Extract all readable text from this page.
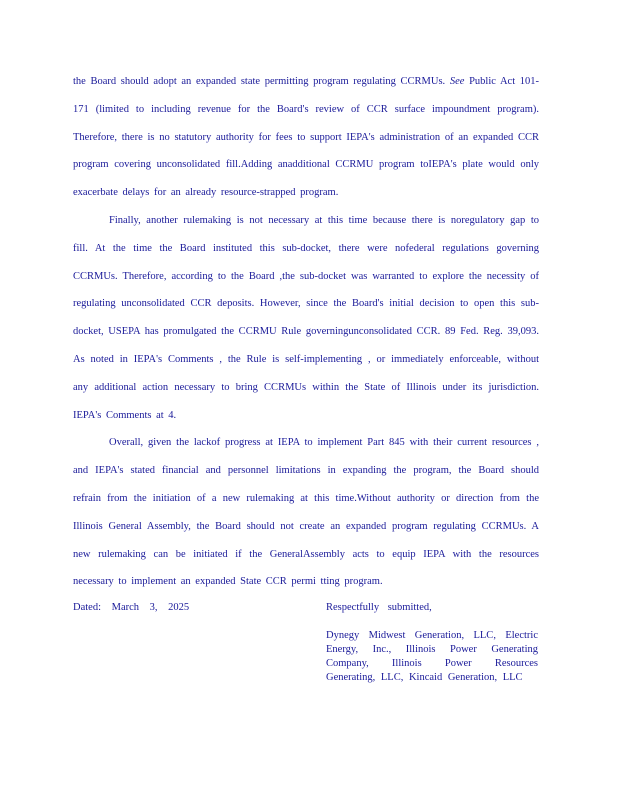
the Board should adopt an expanded state permitting program regulating CCRMUs. See Public Act 101-171 (limited to including revenue for the Board's review of CCR surface impoundment program). Therefore, there is no statutory authority for fees to support IEPA's administration of an expanded CCR program covering unconsolidated fill.Adding anadditional CCRMU program toIEPA's plate would only exacerbate delays for an already resource-strapped program.

Finally, another rulemaking is not necessary at this time because there is noregulatory gap to fill. At the time the Board instituted this sub-docket, there were nofederal regulations governing CCRMUs. Therefore, according to the Board ,the sub-docket was warranted to explore the necessity of regulating unconsolidated CCR deposits. However, since the Board's initial decision to open this sub-docket, USEPA has promulgated the CCRMU Rule governingunconsolidated CCR. 89 Fed. Reg. 39,093. As noted in IEPA's Comments , the Rule is self-implementing , or immediately enforceable, without any additional action necessary to bring CCRMUs within the State of Illinois under its jurisdiction. IEPA's Comments at 4.

Overall, given the lackof progress at IEPA to implement Part 845 with their current resources , and IEPA's stated financial and personnel limitations in expanding the program, the Board should refrain from the initiation of a new rulemaking at this time.Without authority or direction from the Illinois General Assembly, the Board should not create an expanded program regulating CCRMUs. A new rulemaking can be initiated if the GeneralAssembly acts to equip IEPA with the resources necessary to implement an expanded State CCR permi tting program.

Dated: March 3, 2025	Respectfully submitted,
Dynegy Midwest Generation, LLC, Electric Energy, Inc., Illinois Power Generating Company, Illinois Power Resources Generating, LLC, Kincaid Generation, LLC
